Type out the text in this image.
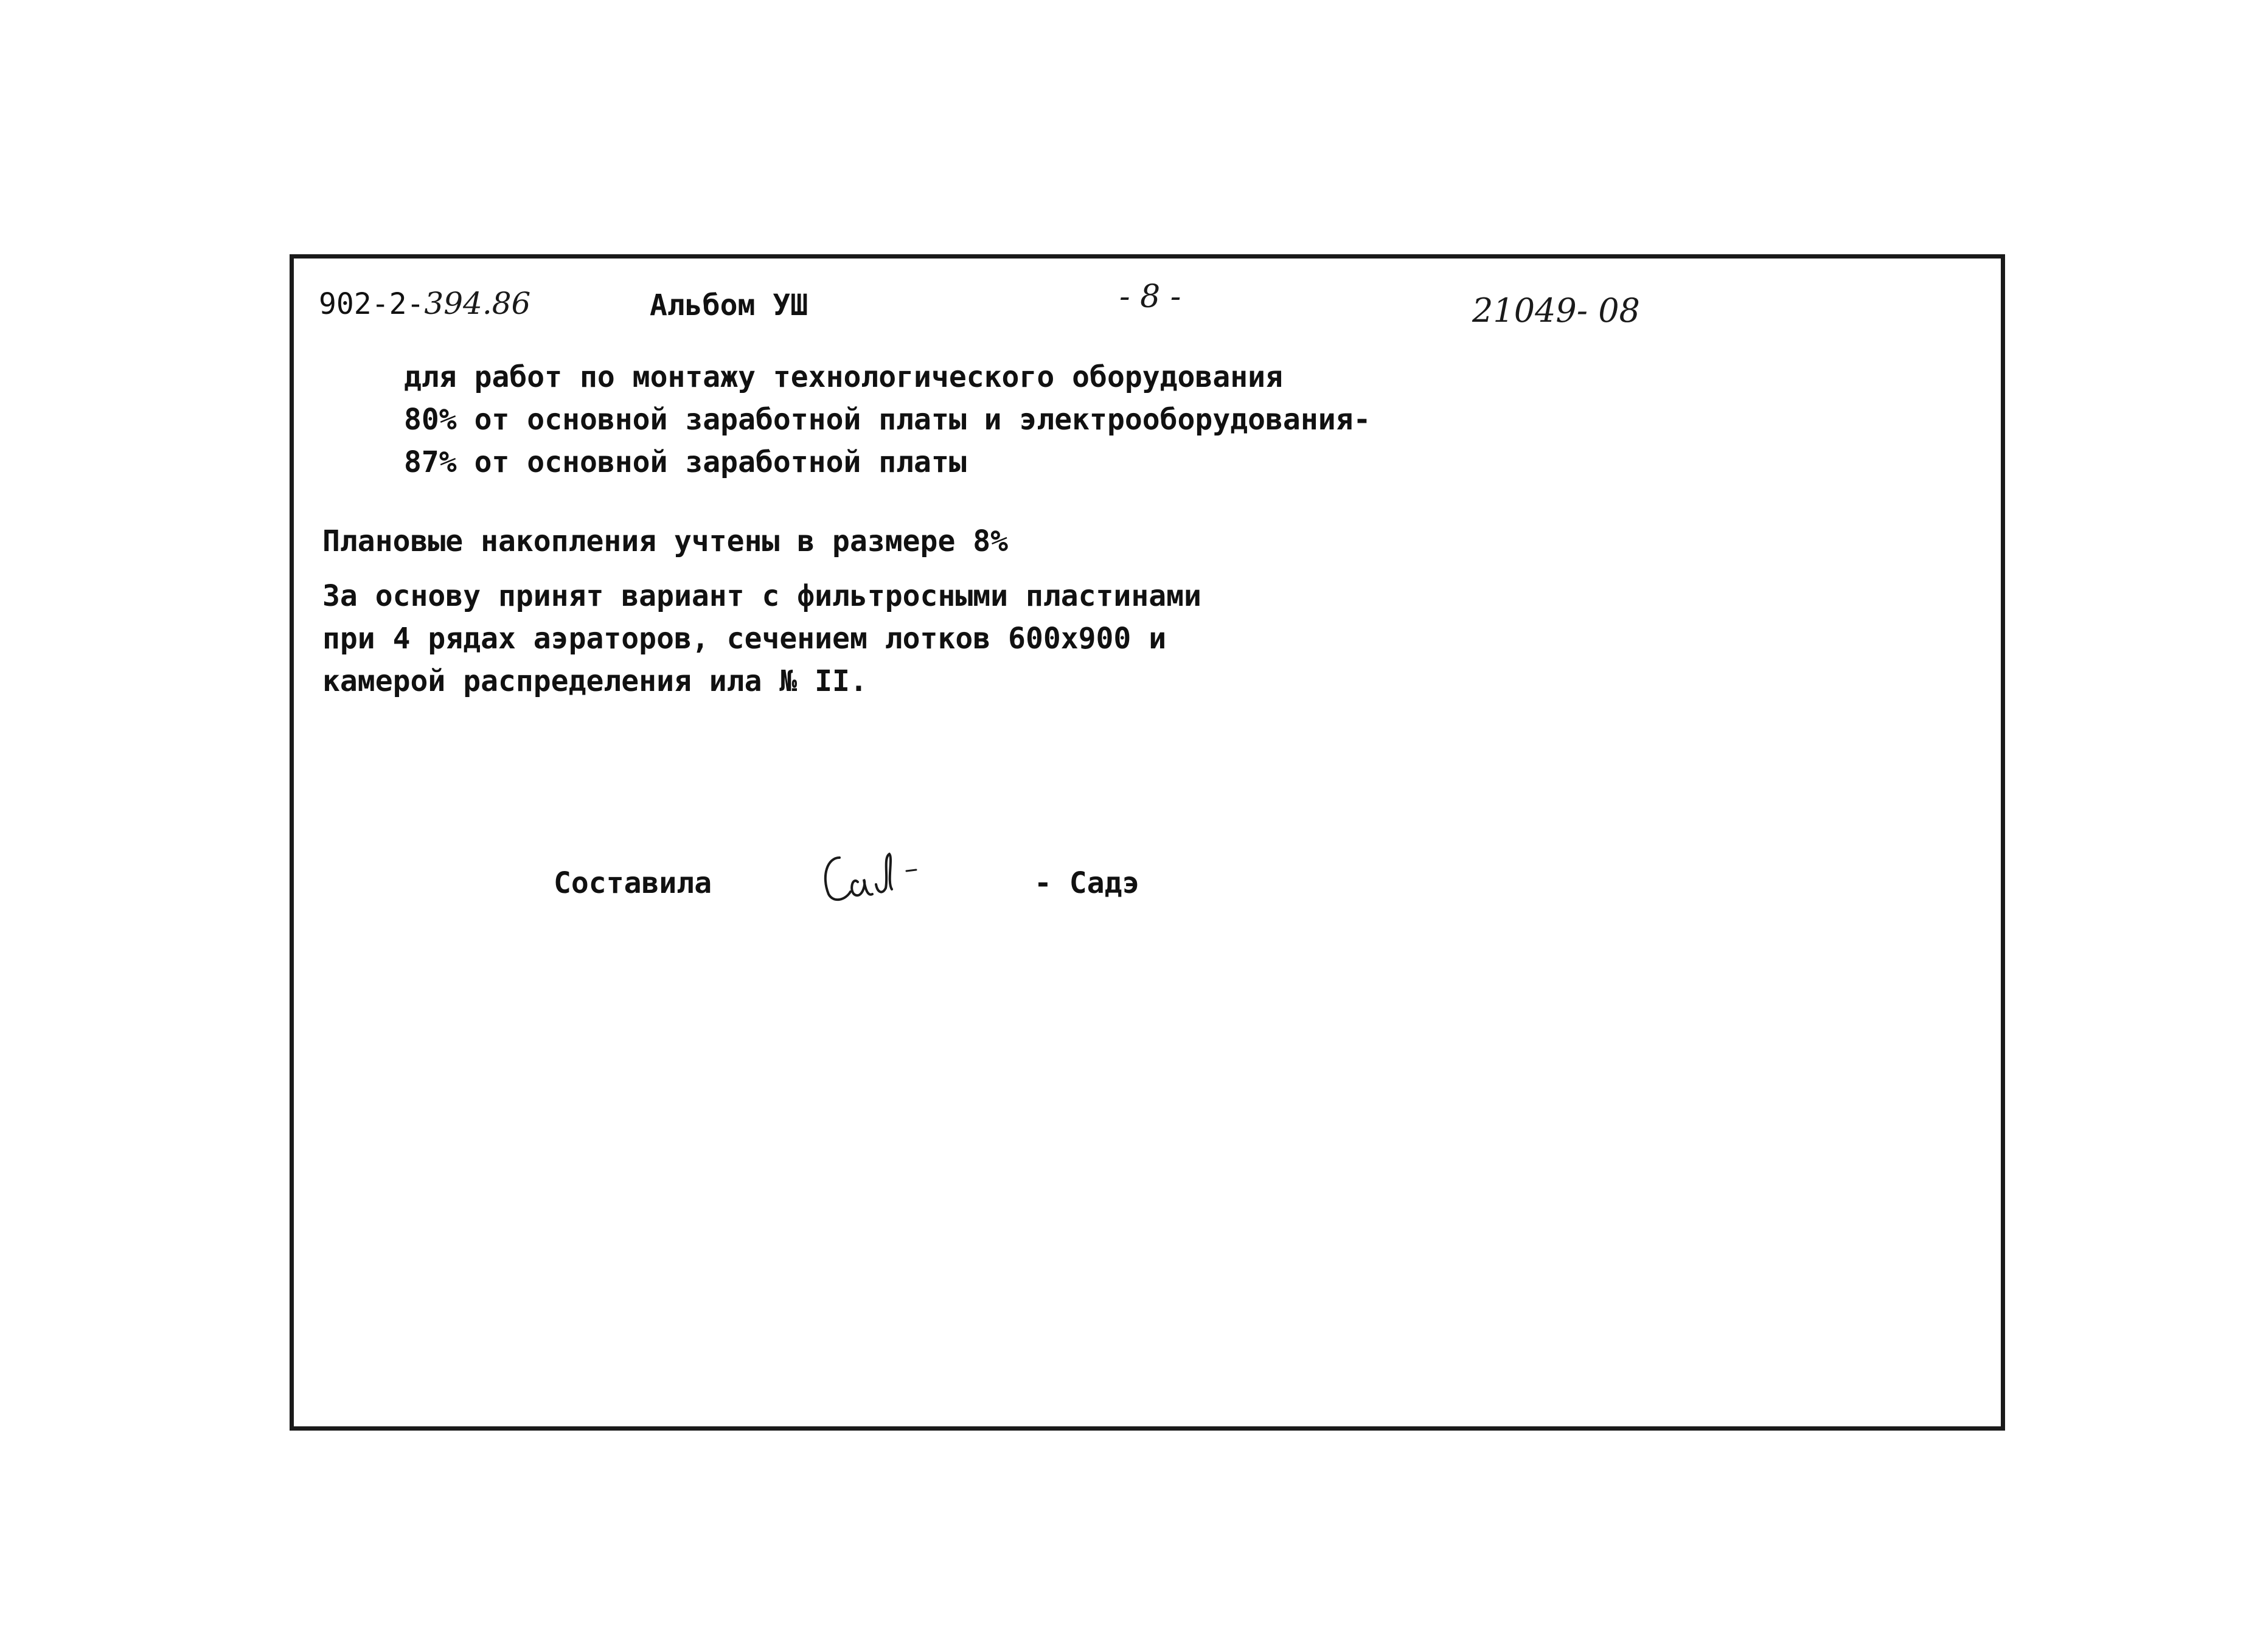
902-2-394.86	Альбом УШ	- 8 -	21049- 08
для работ по монтажу технологического оборудования
80% от основной заработной платы и электрооборудования-
87% от основной заработной платы
Плановые накопления учтены в размере 8%
За основу принят вариант с фильтросными пластинами
при 4 рядах аэраторов, сечением лотков 600х900 и
камерой распределения ила № II.
Составила	- Садэ
